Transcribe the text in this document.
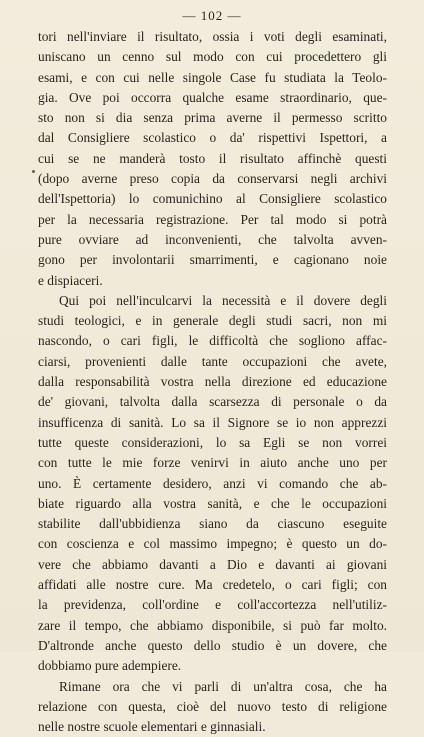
— 102 —
tori nell'inviare il risultato, ossia i voti degli esaminati,
uniscano un cenno sul modo con cui procedettero gli
esami, e con cui nelle singole Case fu studiata la Teolo-
gia. Ove poi occorra qualche esame straordinario, que-
sto non si dia senza prima averne il permesso scritto
dal Consigliere scolastico o da' rispettivi Ispettori, a
cui se ne manderà tosto il risultato affinchè questi
(dopo averne preso copia da conservarsi negli archivi
dell'Ispettoria) lo comunichino al Consigliere scolastico
per la necessaria registrazione. Per tal modo si potrà
pure ovviare ad inconvenienti, che talvolta avven-
gono per involontarii smarrimenti, e cagionano noie
e dispiaceri.
Qui poi nell'inculcarvi la necessità e il dovere degli
studi teologici, e in generale degli studi sacri, non mi
nascondo, o cari figli, le difficoltà che sogliono affac-
ciarsi, provenienti dalle tante occupazioni che avete,
dalla responsabilità vostra nella direzione ed educazione
de' giovani, talvolta dalla scarsezza di personale o da
insufficenza di sanità. Lo sa il Signore se io non apprezzi
tutte queste considerazioni, lo sa Egli se non vorrei
con tutte le mie forze venirvi in aiuto anche uno per
uno. È certamente desidero, anzi vi comando che ab-
biate riguardo alla vostra sanità, e che le occupazioni
stabilite dall'ubbidienza siano da ciascuno eseguite
con coscienza e col massimo impegno; è questo un do-
vere che abbiamo davanti a Dio e davanti ai giovani
affidati alle nostre cure. Ma credetelo, o cari figli; con
la previdenza, coll'ordine e coll'accortezza nell'utiliz-
zare il tempo, che abbiamo disponibile, si può far molto.
D'altronde anche questo dello studio è un dovere, che
dobbiamo pure adempiere.
Rimane ora che vi parli di un'altra cosa, che ha
relazione con questa, cioè del nuovo testo di religione
nelle nostre scuole elementari e ginnasiali.
